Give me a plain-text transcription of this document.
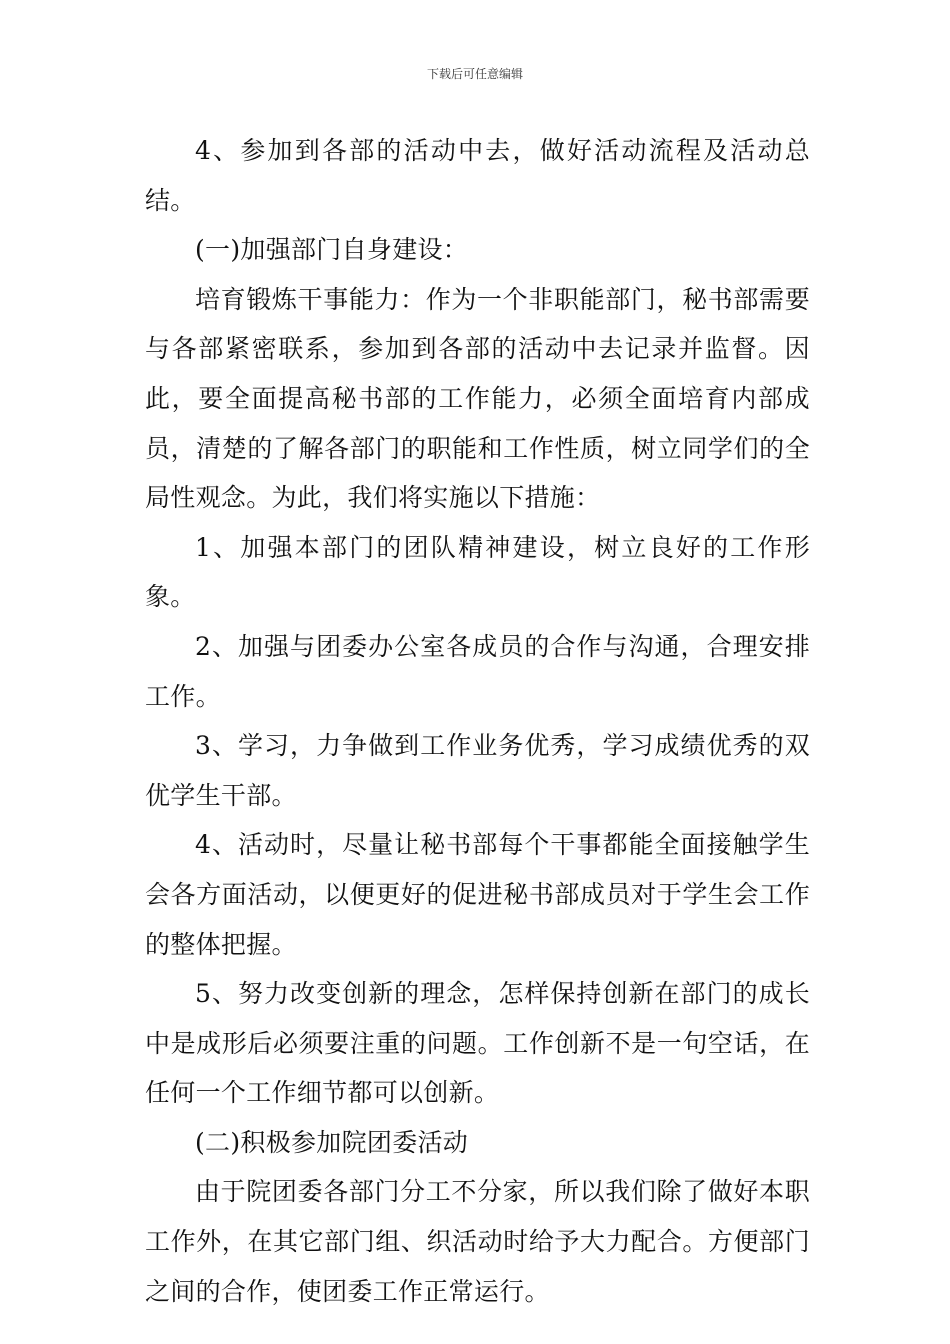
下载后可任意编辑

4、参加到各部的活动中去，做好活动流程及活动总结。

(一)加强部门自身建设：

培育锻炼干事能力：作为一个非职能部门，秘书部需要与各部紧密联系，参加到各部的活动中去记录并监督。因此，要全面提高秘书部的工作能力，必须全面培育内部成员，清楚的了解各部门的职能和工作性质，树立同学们的全局性观念。为此，我们将实施以下措施：

1、加强本部门的团队精神建设，树立良好的工作形象。

2、加强与团委办公室各成员的合作与沟通，合理安排工作。

3、学习，力争做到工作业务优秀，学习成绩优秀的双优学生干部。

4、活动时，尽量让秘书部每个干事都能全面接触学生会各方面活动，以便更好的促进秘书部成员对于学生会工作的整体把握。

5、努力改变创新的理念，怎样保持创新在部门的成长中是成形后必须要注重的问题。工作创新不是一句空话，在任何一个工作细节都可以创新。

(二)积极参加院团委活动

由于院团委各部门分工不分家，所以我们除了做好本职工作外，在其它部门组、织活动时给予大力配合。方便部门之间的合作，使团委工作正常运行。
